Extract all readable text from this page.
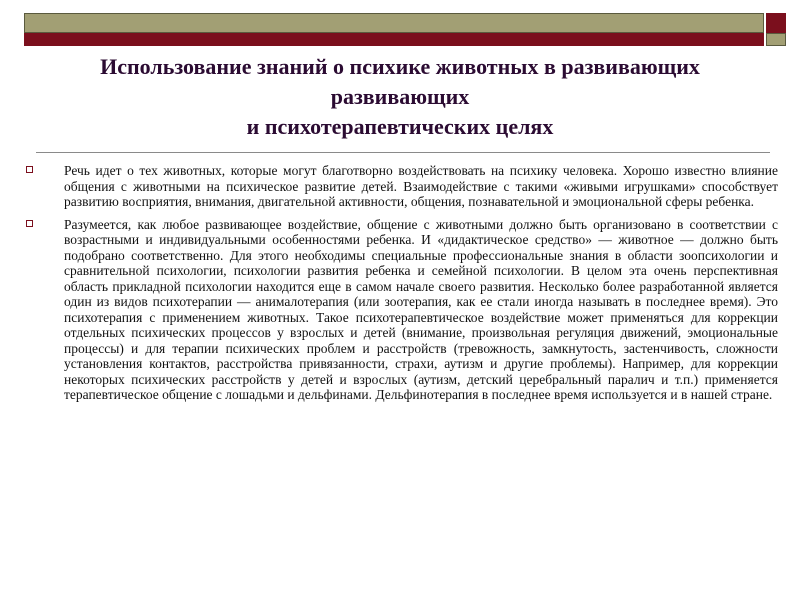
Использование знаний о психике животных в развивающих
развивающих
и психотерапевтических целях
Речь идет о тех животных, которые могут благотворно воздействовать на психику человека. Хорошо известно влияние общения с животными на психическое развитие детей. Взаимодействие с такими «живыми игрушками» способствует развитию восприятия, внимания, двигательной активности, общения, познавательной и эмоциональной сферы ребенка.
Разумеется, как любое развивающее воздействие, общение с животными должно быть организовано в соответствии с возрастными и индивидуальными особенностями ребенка. И «дидактическое средство» — животное — должно быть подобрано соответственно. Для этого необходимы специальные профессиональные знания в области зоопсихологии и сравнительной психологии, психологии развития ребенка и семейной психологии. В целом эта очень перспективная область прикладной психологии находится еще в самом начале своего развития. Несколько более разработанной является один из видов психотерапии — анималотерапия (или зоотерапия, как ее стали иногда называть в последнее время). Это психотерапия с применением животных. Такое психотерапевтическое воздействие может применяться для коррекции отдельных психических процессов у взрослых и детей (внимание, произвольная регуляция движений, эмоциональные процессы) и для терапии психических проблем и расстройств (тревожность, замкнутость, застенчивость, сложности установления контактов, расстройства привязанности, страхи, аутизм и другие проблемы). Например, для коррекции некоторых психических расстройств у детей и взрослых (аутизм, детский церебральный паралич и т.п.) применяется терапевтическое общение с лошадьми и дельфинами. Дельфинотерапия в последнее время используется и в нашей стране.
